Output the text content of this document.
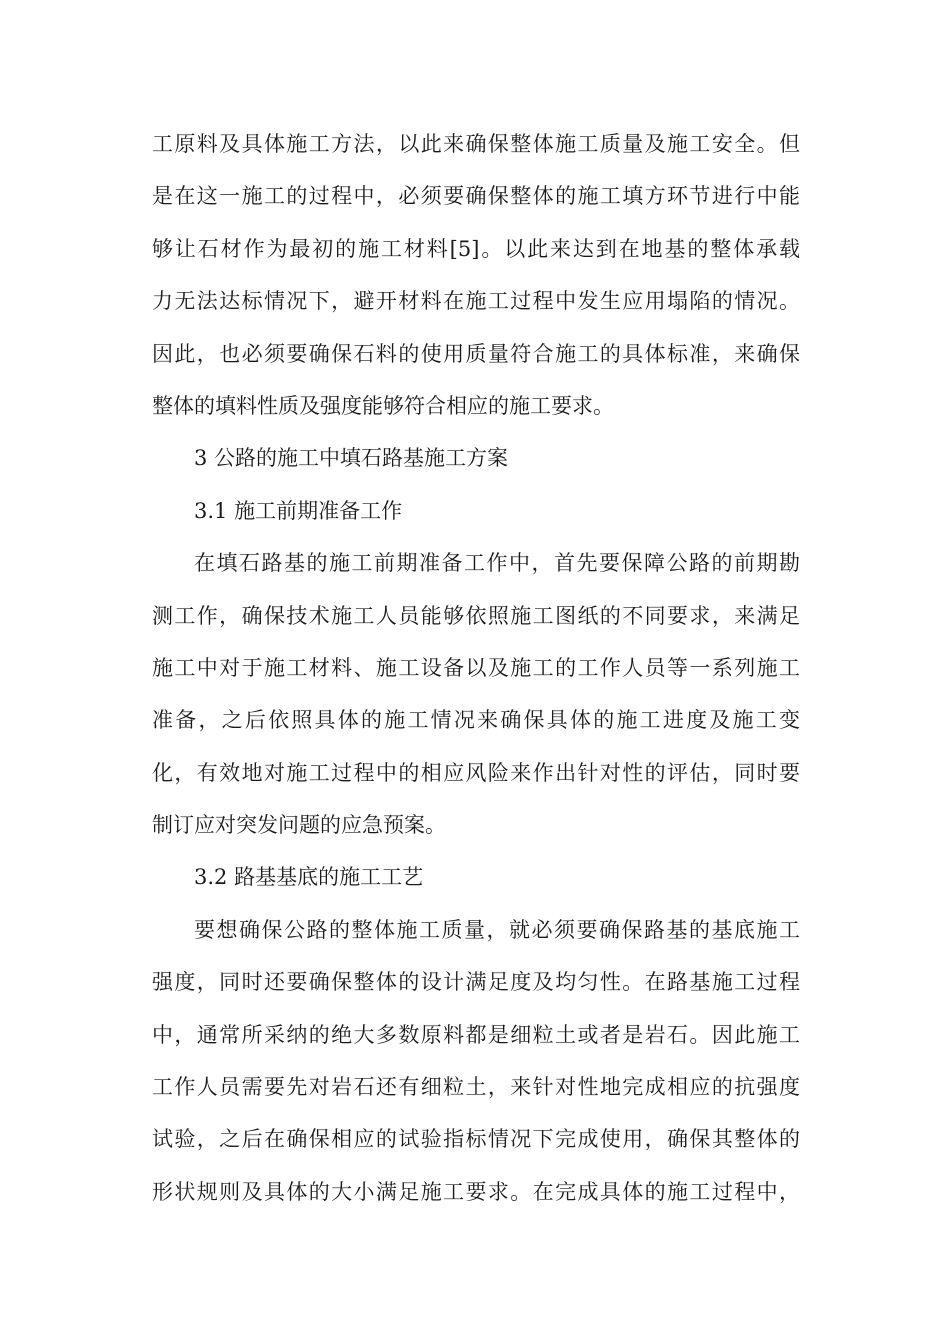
工原料及具体施工方法，以此来确保整体施工质量及施工安全。但
是在这一施工的过程中，必须要确保整体的施工填方环节进行中能
够让石材作为最初的施工材料[5]。以此来达到在地基的整体承载
力无法达标情况下，避开材料在施工过程中发生应用塌陷的情况。
因此，也必须要确保石料的使用质量符合施工的具体标准，来确保
整体的填料性质及强度能够符合相应的施工要求。
3 公路的施工中填石路基施工方案
3.1 施工前期准备工作
在填石路基的施工前期准备工作中，首先要保障公路的前期勘
测工作，确保技术施工人员能够依照施工图纸的不同要求，来满足
施工中对于施工材料、施工设备以及施工的工作人员等一系列施工
准备，之后依照具体的施工情况来确保具体的施工进度及施工变
化，有效地对施工过程中的相应风险来作出针对性的评估，同时要
制订应对突发问题的应急预案。
3.2 路基基底的施工工艺
要想确保公路的整体施工质量，就必须要确保路基的基底施工
强度，同时还要确保整体的设计满足度及均匀性。在路基施工过程
中，通常所采纳的绝大多数原料都是细粒土或者是岩石。因此施工
工作人员需要先对岩石还有细粒土，来针对性地完成相应的抗强度
试验，之后在确保相应的试验指标情况下完成使用，确保其整体的
形状规则及具体的大小满足施工要求。在完成具体的施工过程中，
